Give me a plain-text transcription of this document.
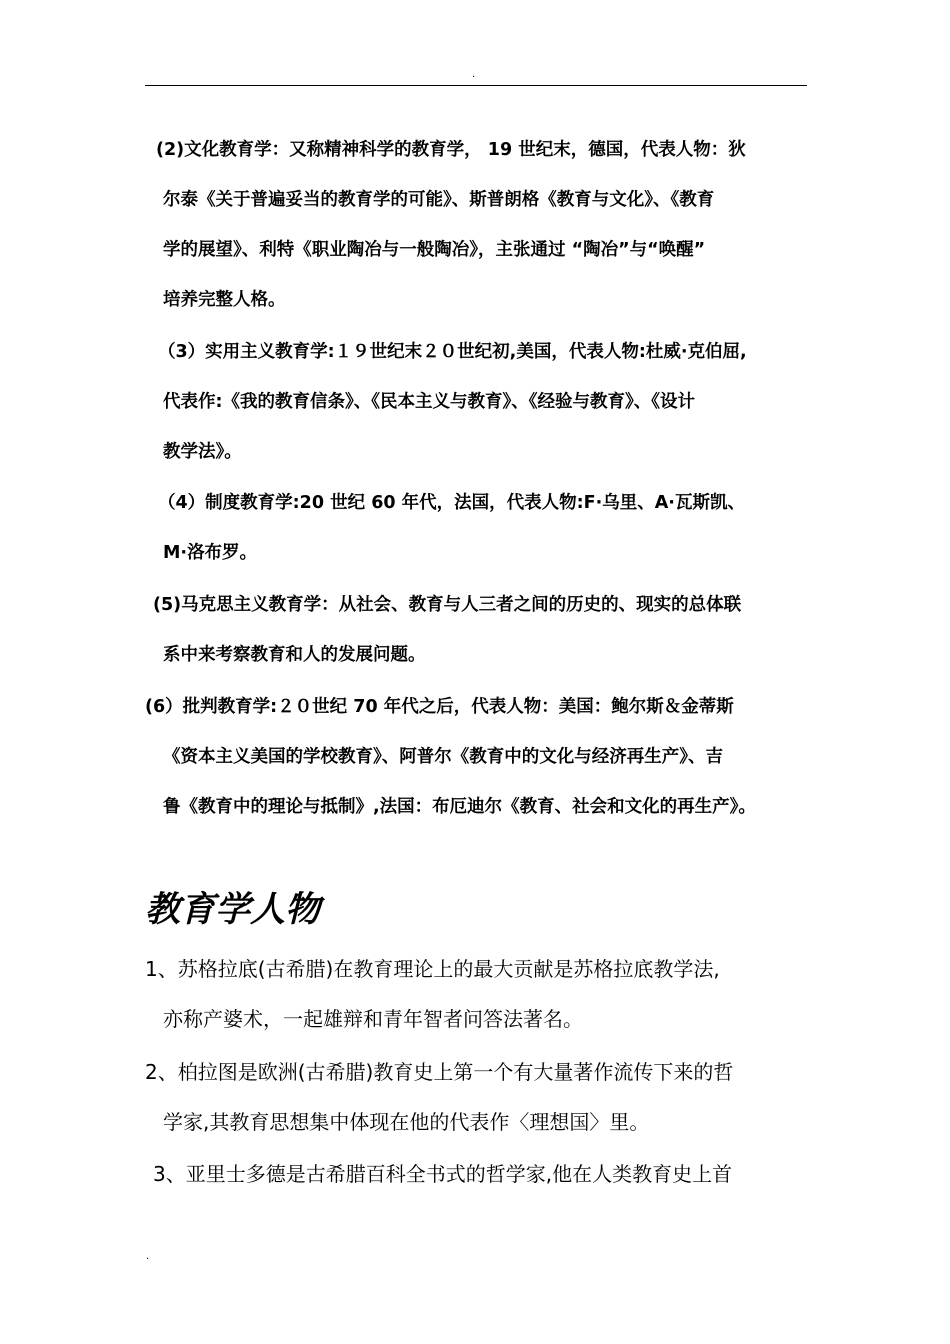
.
(2)文化教育学：又称精神科学的教育学， 19 世纪末，德国，代表人物：狄
尔泰《关于普遍妥当的教育学的可能》、斯普朗格《教育与文化》、《教育
学的展望》、利特《职业陶冶与一般陶冶》，主张通过 “陶冶”与“唤醒”
培养完整人格。
（3）实用主义教育学:１９世纪末２０世纪初,美国，代表人物:杜威·克伯屈,
代表作:《我的教育信条》、《民本主义与教育》、《经验与教育》、《设计
教学法》。
（4）制度教育学:20 世纪 60 年代，法国，代表人物:F·乌里、A·瓦斯凯、
M·洛布罗。
(5)马克思主义教育学：从社会、教育与人三者之间的历史的、现实的总体联
系中来考察教育和人的发展问题。
(6）批判教育学:２０世纪 70 年代之后，代表人物：美国：鲍尔斯＆金蒂斯
《资本主义美国的学校教育》、阿普尔《教育中的文化与经济再生产》、吉
鲁《教育中的理论与抵制》,法国：布厄迪尔《教育、社会和文化的再生产》。
教育学人物
1、苏格拉底(古希腊)在教育理论上的最大贡献是苏格拉底教学法,
亦称产婆术，一起雄辩和青年智者问答法著名。
2、柏拉图是欧洲(古希腊)教育史上第一个有大量著作流传下来的哲
学家,其教育思想集中体现在他的代表作〈理想国〉里。
3、亚里士多德是古希腊百科全书式的哲学家,他在人类教育史上首
.
